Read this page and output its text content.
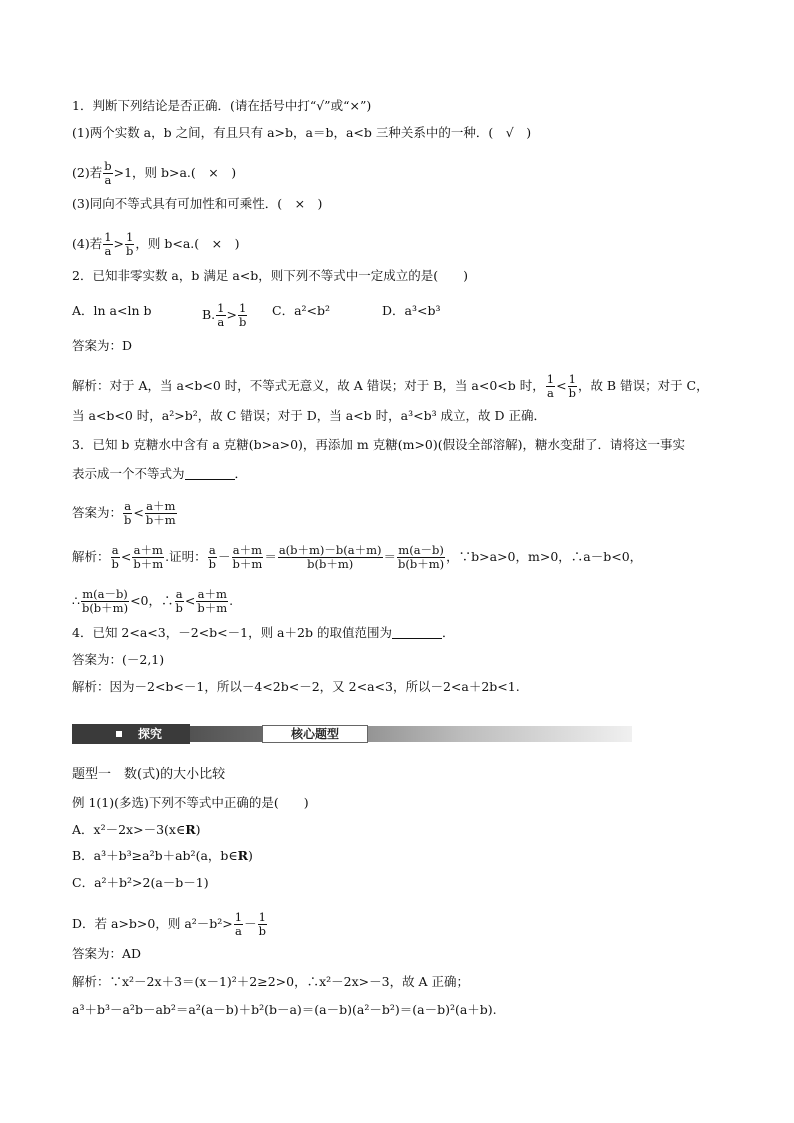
1．判断下列结论是否正确．(请在括号中打“√”或“×”)
(1)两个实数 a，b 之间，有且只有 a>b，a＝b，a<b 三种关系中的一种．(　√　)
(2)若 $\frac{b}{a} >1$，则 b>a.(　×　)
(3)同向不等式具有可加性和可乘性．(　×　)
(4)若 $\frac{1}{a} > \frac{1}{b}$ ，则 b<a.(　×　)
2．已知非零实数 a，b 满足 a<b，则下列不等式中一定成立的是(　　)
A．ln a<ln b	B. $\frac{1}{a} > \frac{1}{b}$ C．a²<b²	D．a³<b³
答案为：D
解析：对于 A，当 a<b<0 时，不等式无意义，故 A 错误；对于 B，当 a<0<b 时， $\frac{1}{a} < \frac{1}{b}$ ，故 B 错误；对于 C，
当 a<b<0 时，a²>b²，故 C 错误；对于 D，当 a<b 时，a³<b³ 成立，故 D 正确．
3．已知 b 克糖水中含有 a 克糖(b>a>0)，再添加 m 克糖(m>0)(假设全部溶解)，糖水变甜了．请将这一事实
表示成一个不等式为	．
答案为： $\frac{a}{b} < \frac{a+m}{b+m}$
解析： $\frac{a}{b} < \frac{a+m}{b+m}$ .证明： $\frac{a}{b} - \frac{a+m}{b+m} = \frac{a(b+m)-b(a+m)}{b(b+m)} = \frac{m(a-b)}{b(b+m)}$ ，∵b>a>0，m>0，∴a－b<0，
∴ $\frac{m(a-b)}{b(b+m)} <0$，∴ $\frac{a}{b} < \frac{a+m}{b+m}$ .
4．已知 2<a<3，－2<b<－1，则 a＋2b 的取值范围为	．
答案为：(－2,1)
解析：因为－2<b<－1，所以－4<2b<－2，又 2<a<3，所以－2<a＋2b<1.
探究	核心题型
题型一　数(式)的大小比较
例 1(1)(多选)下列不等式中正确的是(　　)
A．x²－2x>－3(x∈R)
B．a³＋b³≥a²b＋ab²(a，b∈R)
C．a²＋b²>2(a－b－1)
D．若 a>b>0，则 $a^2-b^2> \frac{1}{a} - \frac{1}{b}$
答案为：AD
解析：∵x²－2x＋3＝(x－1)²＋2≥2>0，∴x²－2x>－3，故 A 正确；
a³＋b³－a²b－ab²＝a²(a－b)＋b²(b－a)＝(a－b)(a²－b²)＝(a－b)²(a＋b).
